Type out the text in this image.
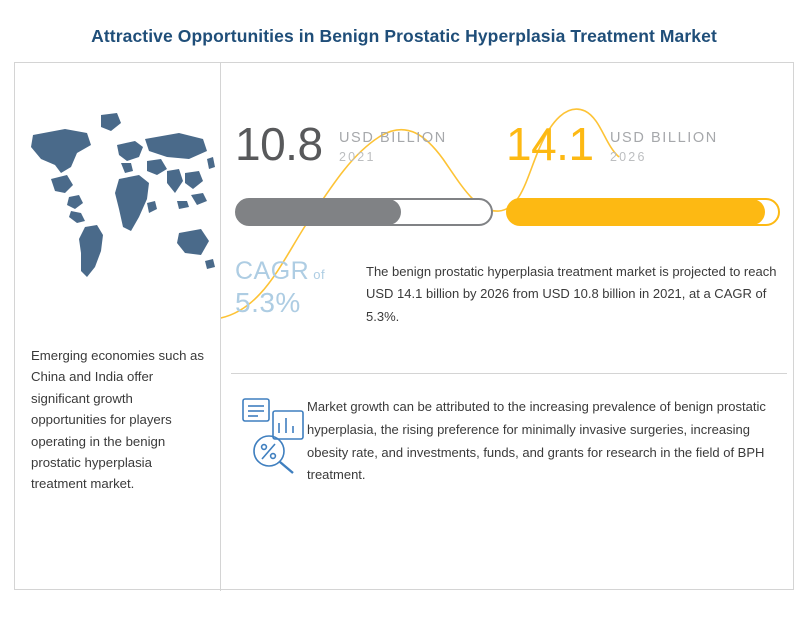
Attractive Opportunities in Benign Prostatic Hyperplasia Treatment Market
Emerging economies such as China and India offer significant growth opportunities for players operating in the benign prostatic hyperplasia treatment market.
10.8 USD BILLION
2021	14.1 USD BILLION
2026
CAGR of
5.3%
The benign prostatic hyperplasia treatment market is projected to reach USD 14.1 billion by 2026 from USD 10.8 billion in 2021, at a CAGR of 5.3%.
Market growth can be attributed to the increasing prevalence of benign prostatic hyperplasia, the rising preference for minimally invasive surgeries, increasing obesity rate, and investments, funds, and grants for research in the field of BPH treatment.
